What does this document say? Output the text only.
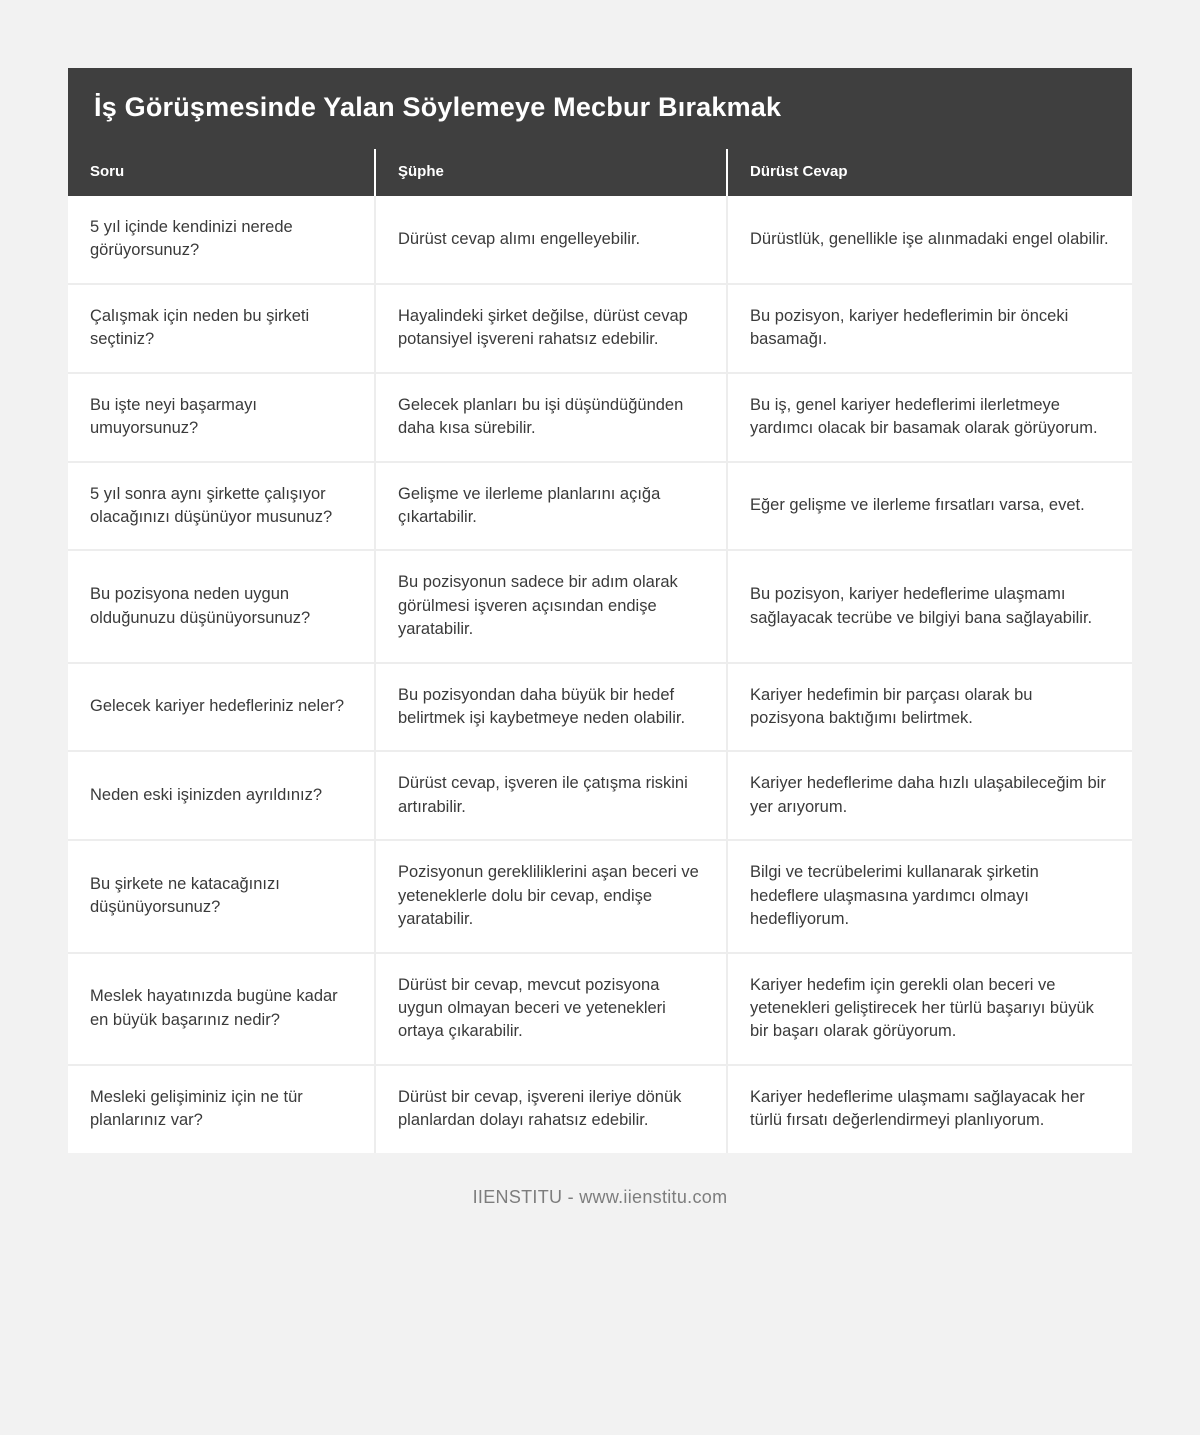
İş Görüşmesinde Yalan Söylemeye Mecbur Bırakmak
Soru	Şüphe	Dürüst Cevap
5 yıl içinde kendinizi nerede görüyorsunuz?	Dürüst cevap alımı engelleyebilir.	Dürüstlük, genellikle işe alınmadaki engel olabilir.
Çalışmak için neden bu şirketi seçtiniz?	Hayalindeki şirket değilse, dürüst cevap potansiyel işvereni rahatsız edebilir.	Bu pozisyon, kariyer hedeflerimin bir önceki basamağı.
Bu işte neyi başarmayı umuyorsunuz?	Gelecek planları bu işi düşündüğünden daha kısa sürebilir.	Bu iş, genel kariyer hedeflerimi ilerletmeye yardımcı olacak bir basamak olarak görüyorum.
5 yıl sonra aynı şirkette çalışıyor olacağınızı düşünüyor musunuz?	Gelişme ve ilerleme planlarını açığa çıkartabilir.	Eğer gelişme ve ilerleme fırsatları varsa, evet.
Bu pozisyona neden uygun olduğunuzu düşünüyorsunuz?	Bu pozisyonun sadece bir adım olarak görülmesi işveren açısından endişe yaratabilir.	Bu pozisyon, kariyer hedeflerime ulaşmamı sağlayacak tecrübe ve bilgiyi bana sağlayabilir.
Gelecek kariyer hedefleriniz neler?	Bu pozisyondan daha büyük bir hedef belirtmek işi kaybetmeye neden olabilir.	Kariyer hedefimin bir parçası olarak bu pozisyona baktığımı belirtmek.
Neden eski işinizden ayrıldınız?	Dürüst cevap, işveren ile çatışma riskini artırabilir.	Kariyer hedeflerime daha hızlı ulaşabileceğim bir yer arıyorum.
Bu şirkete ne katacağınızı düşünüyorsunuz?	Pozisyonun gerekliliklerini aşan beceri ve yeteneklerle dolu bir cevap, endişe yaratabilir.	Bilgi ve tecrübelerimi kullanarak şirketin hedeflere ulaşmasına yardımcı olmayı hedefliyorum.
Meslek hayatınızda bugüne kadar en büyük başarınız nedir?	Dürüst bir cevap, mevcut pozisyona uygun olmayan beceri ve yetenekleri ortaya çıkarabilir.	Kariyer hedefim için gerekli olan beceri ve yetenekleri geliştirecek her türlü başarıyı büyük bir başarı olarak görüyorum.
Mesleki gelişiminiz için ne tür planlarınız var?	Dürüst bir cevap, işvereni ileriye dönük planlardan dolayı rahatsız edebilir.	Kariyer hedeflerime ulaşmamı sağlayacak her türlü fırsatı değerlendirmeyi planlıyorum.
IIENSTITU - www.iienstitu.com
